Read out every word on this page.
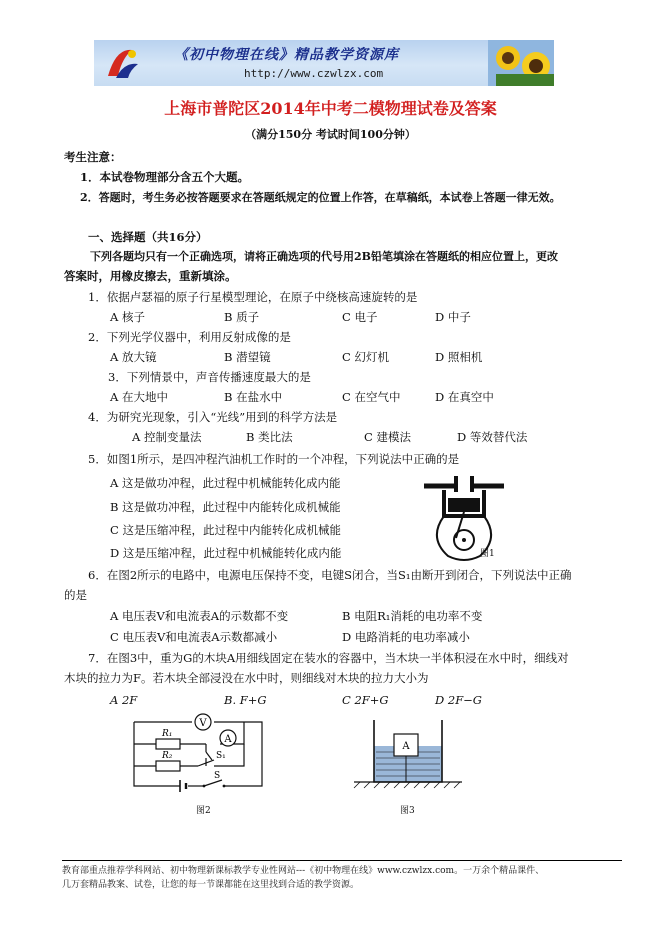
《初中物理在线》精品教学资源库
http://www.czwlzx.com
上海市普陀区2014年中考二模物理试卷及答案
（满分150分 考试时间100分钟）
考生注意：
1．本试卷物理部分含五个大题。
2．答题时，考生务必按答题要求在答题纸规定的位置上作答，在草稿纸，本试卷上答题一律无效。
一、选择题（共16分）
下列各题均只有一个正确选项，请将正确选项的代号用2B铅笔填涂在答题纸的相应位置上，更改
答案时，用橡皮擦去，重新填涂。
1．依据卢瑟福的原子行星模型理论，在原子中绕核高速旋转的是
A 核子	B 质子	C 电子	D 中子
2．下列光学仪器中，利用反射成像的是
A 放大镜	B 潜望镜	C 幻灯机	D 照相机
3．下列情景中，声音传播速度最大的是
A 在大地中	B 在盐水中	C 在空气中	D 在真空中
4．为研究光现象，引入“光线”用到的科学方法是
A 控制变量法	B 类比法	C 建模法	D 等效替代法
5．如图1所示，是四冲程汽油机工作时的一个冲程，下列说法中正确的是
A 这是做功冲程，此过程中机械能转化成内能
B 这是做功冲程，此过程中内能转化成机械能
C 这是压缩冲程，此过程中内能转化成机械能
D 这是压缩冲程，此过程中机械能转化成内能	图1
6．在图2所示的电路中，电源电压保持不变，电键S闭合，当S₁由断开到闭合，下列说法中正确
的是
A 电压表V和电流表A的示数都不变	B 电阻R₁消耗的电功率不变
C 电压表V和电流表A示数都减小	D 电路消耗的电功率减小
7．在图3中，重为G的木块A用细线固定在装水的容器中，当木块一半体积浸在水中时，细线对
木块的拉力为F。若木块全部浸没在水中时，则细线对木块的拉力大小为
A 2F	B. F+G	C 2F+G	D 2F−G
V
A
R₁
R₂	S₁
S
图2
A
图3
教育部重点推荐学科网站、初中物理新课标教学专业性网站---《初中物理在线》www.czwlzx.com。一万余个精品课件、
几万套精品教案、试卷，让您的每一节课都能在这里找到合适的教学资源。
